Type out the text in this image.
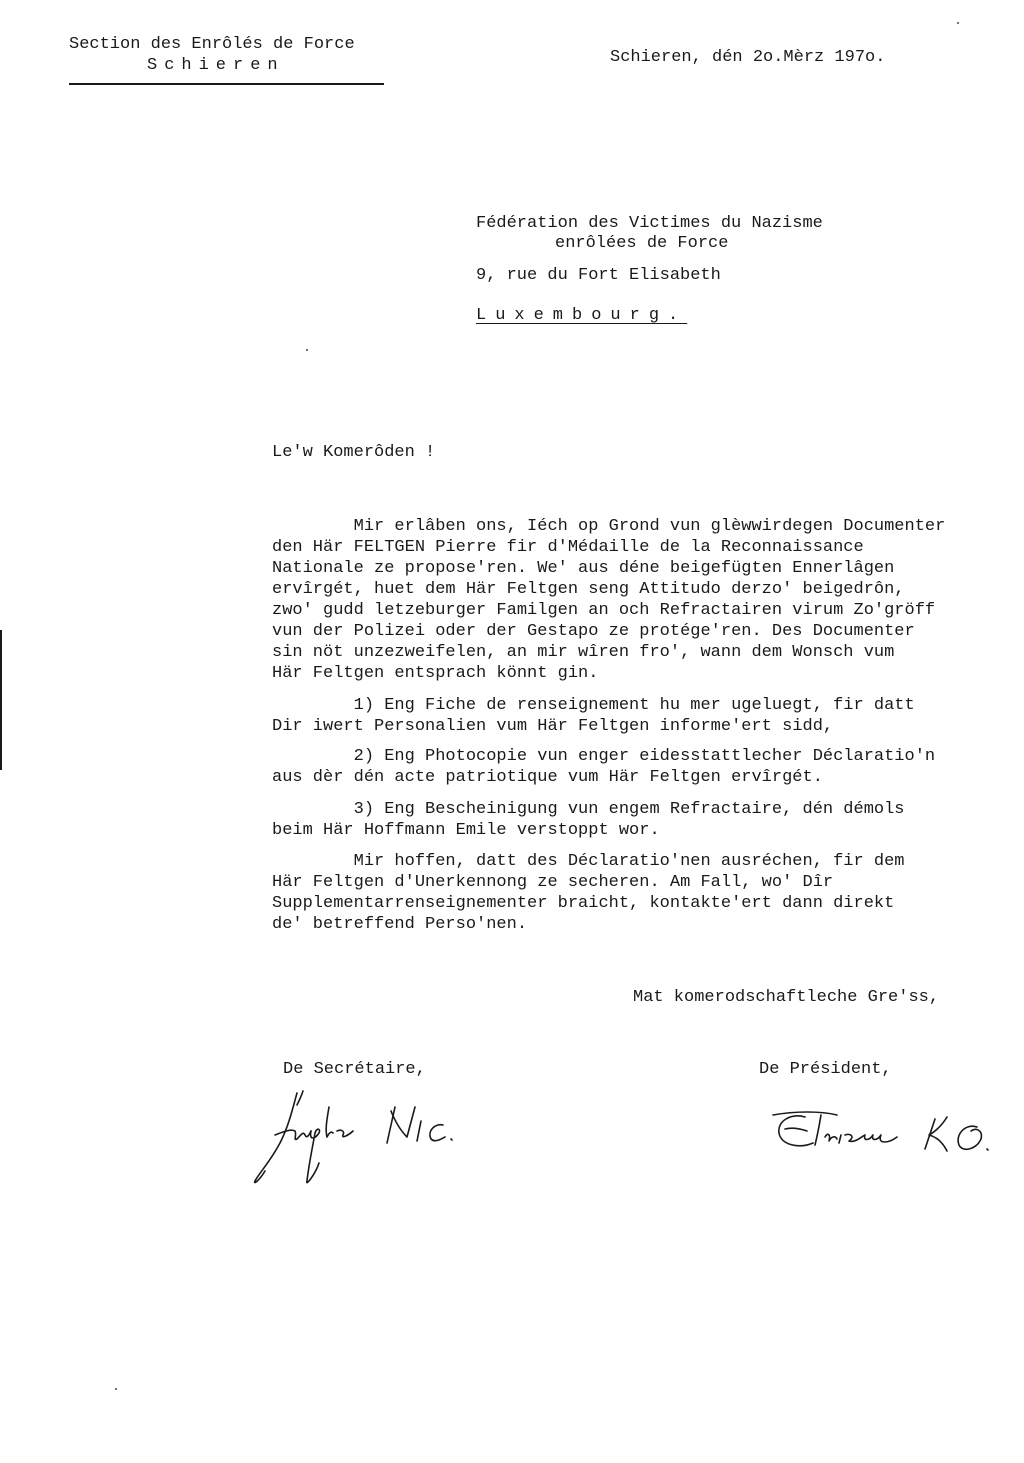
Section des Enrôlés de Force
Schieren	Schieren, dén 2o.Mèrz 197o.
Fédération des Victimes du Nazisme
enrôlées de Force
9, rue du Fort Elisabeth
Luxembourg.
Le'w Komerôden !
Mir erlâben ons, Iéch op Grond vun glèwwirdegen Documenter
den Här FELTGEN Pierre fir d'Médaille de la Reconnaissance
Nationale ze propose'ren. We' aus déne beigefügten Ennerlâgen
ervîrgét, huet dem Här Feltgen seng Attitudo derzo' beigedrôn,
zwo' gudd letzeburger Familgen an och Refractairen virum Zo'gröff
vun der Polizei oder der Gestapo ze protége'ren. Des Documenter
sin nöt unzezweifelen, an mir wîren fro', wann dem Wonsch vum
Här Feltgen entsprach könnt gin.
1) Eng Fiche de renseignement hu mer ugeluegt, fir datt
Dir iwert Personalien vum Här Feltgen informe'ert sidd,
2) Eng Photocopie vun enger eidesstattlecher Déclaratio'n
aus dèr dén acte patriotique vum Här Feltgen ervîrgét.
3) Eng Bescheinigung vun engem Refractaire, dén démols
beim Här Hoffmann Emile verstoppt wor.
Mir hoffen, datt des Déclaratio'nen ausréchen, fir dem
Här Feltgen d'Unerkennong ze secheren. Am Fall, wo' Dîr
Supplementarrenseignementer braicht, kontakte'ert dann direkt
de' betreffend Perso'nen.
Mat komerodschaftleche Gre'ss,
De Secrétaire,	De Président,
